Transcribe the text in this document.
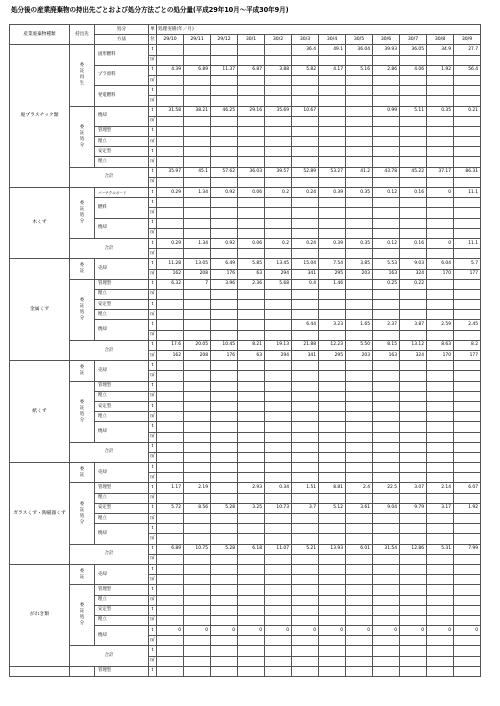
処分後の産業廃棄物の持出先ごとおよび処分方法ごとの処分量(平成29年10月～平成30年9月)
産業廃棄物種類	持出先	処分	単	処理実績(年／月)											
		方法	位	29/10	29/11	29/12	30/1	30/2	30/3	30/4	30/5	30/6	30/7	30/8	30/9
廃プラスチック類	委託再生	固形燃料	t						36.4	49.1	36.04	39.93	36.05	34.9	27.7
			㎥												
		プラ原料	t	4.39	6.89	11.37	6.87	3.88	5.82	4.17	5.16	2.86	4.06	1.92	56.4
			㎥												
		発電燃料	t												
			㎥												
	委託処分	焼却	t	31.58	38.21	46.25	29.16	35.69	10.67			0.99	5.11	0.35	0.21
			㎥												
		管理型	t												
		埋立	㎥												
		安定型	t												
		埋立	㎥												
	合計		t	35.97	45.1	57.62	36.03	39.57	52.89	53.27	41.2	43.78	45.22	37.17	86.31
			㎥												
木くず	委託処分	パーチクルボード	t	0.29	1.34	0.92	0.06	0.2	0.24	0.39	0.35	0.12	0.16	0	11.1
		燃料	t												
			㎥												
		焼却	t												
			㎥												
	合計		t	0.29	1.34	0.92	0.06	0.2	0.24	0.39	0.35	0.12	0.16	0	11.1
			㎥												
金属くず	委託	売却	t	11.28	13.05	6.49	5.85	13.45	15.04	7.54	3.85	5.53	9.03	6.04	5.7
			㎥	162	208	176	63	294	341	295	203	163	324	170	177
	委託処分	管理型	t	6.32	7	3.96	2.36	5.68	0.4	1.46		0.25	0.22		
		埋立	㎥												
		安定型	t												
		埋立	㎥												
		焼却	t						6.44	3.23	1.65	2.37	3.87	2.59	2.45
			㎥												
	合計		t	17.6	20.05	10.45	8.21	19.13	21.88	12.23	5.50	8.15	13.12	8.63	8.2
			㎥	162	208	176	63	294	341	295	203	163	324	170	177
紙くず	委託	売却	t												
			㎥												
	委託処分	管理型	t												
		埋立	㎥												
		安定型	t												
		埋立	㎥												
		焼却	t												
			㎥												
	合計		t												
			㎥												
ガラスくず・陶磁器くず	委託	売却	t												
			㎥												
	委託処分	管理型	t	1.17	2.19		2.93	0.34	1.51	8.81	2.4	22.5	3.07	2.14	6.07
		埋立	㎥												
		安定型	t	5.72	8.56	5.28	3.25	10.73	3.7	5.12	3.61	9.04	9.79	3.17	1.92
		埋立	㎥												
		焼却	t												
			㎥												
	合計		t	6.89	10.75	5.28	6.18	11.07	5.21	13.93	6.01	31.54	12.86	5.31	7.99
			㎥												
がれき類	委託	売却	t												
			㎥												
	委託処分	管理型	t												
		埋立	㎥												
		安定型	t												
		埋立	㎥												
		焼却	t	0	0	0	0	0	0	0	0	0	0	0	0
			㎥												
	合計		t												
			㎥												
		管理型	t												
